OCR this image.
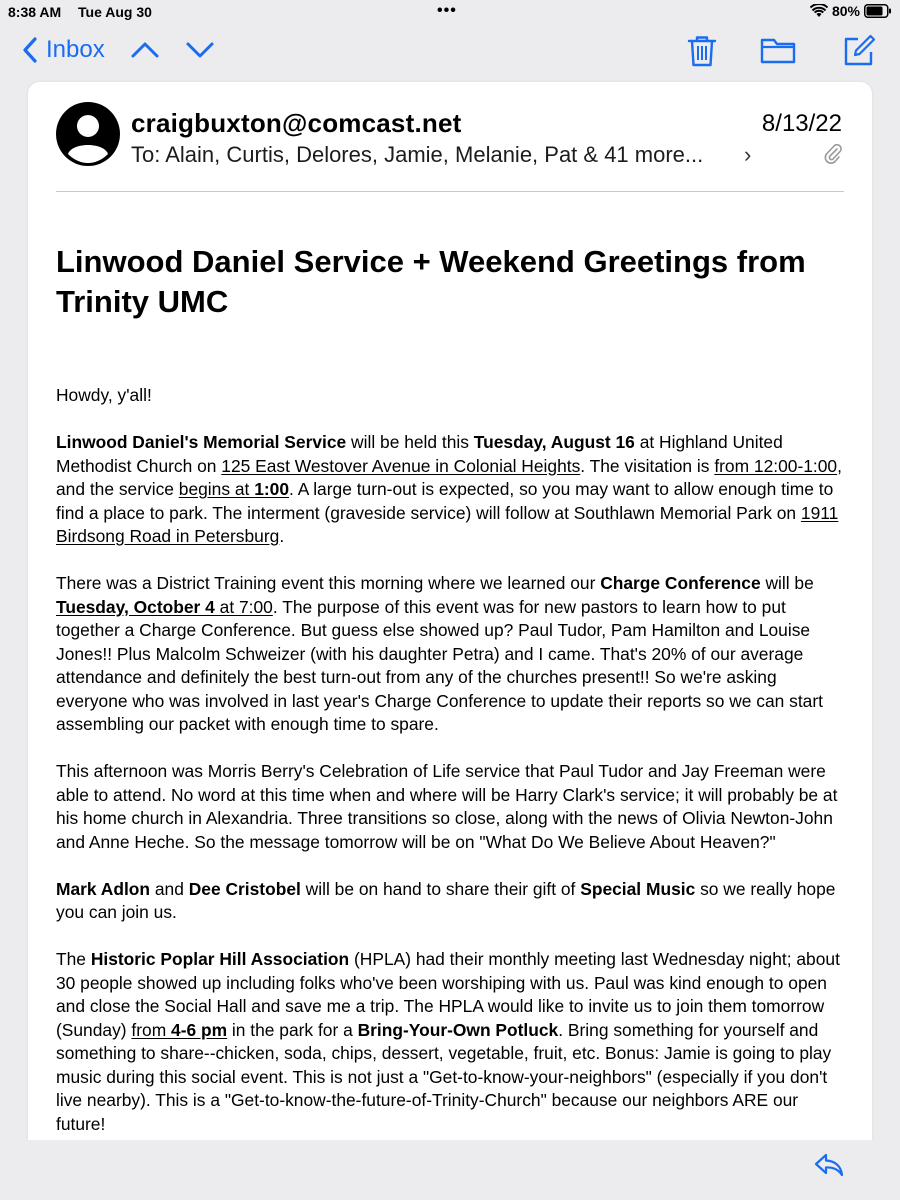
8:38 AM Tue Aug 30	•••	80%
Inbox
craigbuxton@comcast.net	8/13/22
To: Alain, Curtis, Delores, Jamie, Melanie, Pat & 41 more... ›
Linwood Daniel Service + Weekend Greetings from Trinity UMC

Howdy, y'all!

Linwood Daniel's Memorial Service will be held this Tuesday, August 16 at Highland United Methodist Church on 125 East Westover Avenue in Colonial Heights. The visitation is from 12:00-1:00, and the service begins at 1:00. A large turn-out is expected, so you may want to allow enough time to find a place to park. The interment (graveside service) will follow at Southlawn Memorial Park on 1911 Birdsong Road in Petersburg.

There was a District Training event this morning where we learned our Charge Conference will be Tuesday, October 4 at 7:00. The purpose of this event was for new pastors to learn how to put together a Charge Conference. But guess else showed up? Paul Tudor, Pam Hamilton and Louise Jones!! Plus Malcolm Schweizer (with his daughter Petra) and I came. That's 20% of our average attendance and definitely the best turn-out from any of the churches present!! So we're asking everyone who was involved in last year's Charge Conference to update their reports so we can start assembling our packet with enough time to spare.

This afternoon was Morris Berry's Celebration of Life service that Paul Tudor and Jay Freeman were able to attend. No word at this time when and where will be Harry Clark's service; it will probably be at his home church in Alexandria. Three transitions so close, along with the news of Olivia Newton-John and Anne Heche. So the message tomorrow will be on "What Do We Believe About Heaven?"

Mark Adlon and Dee Cristobel will be on hand to share their gift of Special Music so we really hope you can join us.

The Historic Poplar Hill Association (HPLA) had their monthly meeting last Wednesday night; about 30 people showed up including folks who've been worshiping with us. Paul was kind enough to open and close the Social Hall and save me a trip. The HPLA would like to invite us to join them tomorrow (Sunday) from 4-6 pm in the park for a Bring-Your-Own Potluck. Bring something for yourself and something to share--chicken, soda, chips, dessert, vegetable, fruit, etc. Bonus: Jamie is going to play music during this social event. This is not just a "Get-to-know-your-neighbors" (especially if you don't live nearby). This is a "Get-to-know-the-future-of-Trinity-Church" because our neighbors ARE our future!
